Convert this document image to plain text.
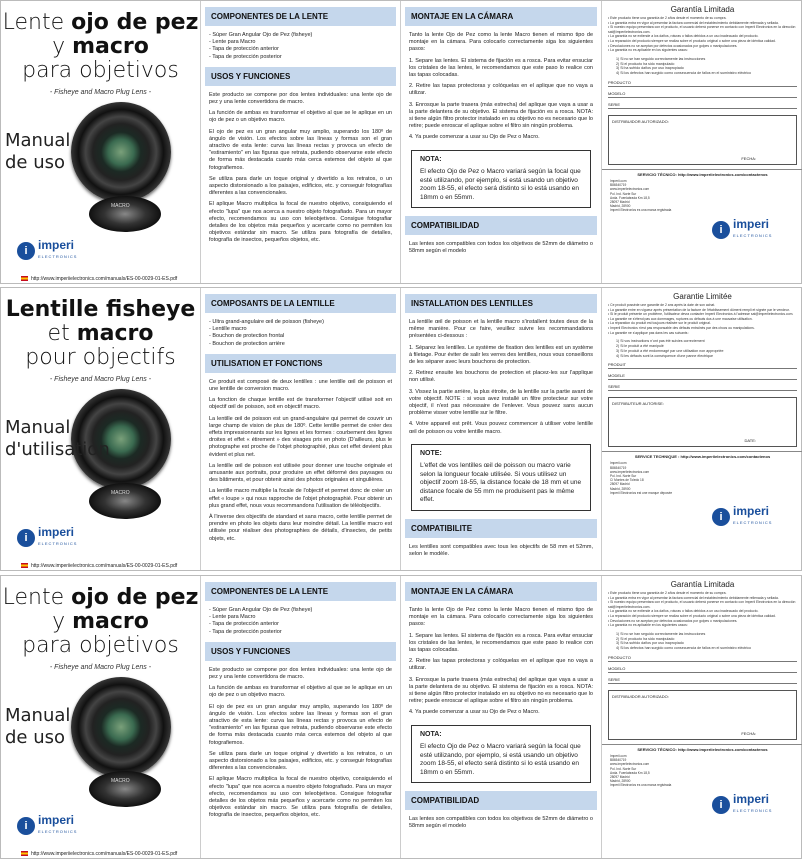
Lente ojo de pez
y macro
para objetivos
- Fisheye and Macro Plug Lens -
MACRO
Manual
de uso
i imperi
ELECTRONICS
http://www.imperiielectronics.com/manuals/ES-00-0029-01-ES.pdf
COMPONENTES DE LA LENTE
- Súper Gran Angular Ojo de Pez (fisheye)
- Lente para Macro
- Tapa de protección anterior
- Tapa de protección posterior
USOS Y FUNCIONES

Este producto se compone por dos lentes individuales: una lente ojo de pez y una lente convertidora de macro.

La función de ambas es transformar el objetivo al que se le aplique en un ojo de pez o un objetivo macro.

El ojo de pez es un gran angular muy amplio, superando los 180º de ángulo de visión. Los efectos sobre las líneas y formas son el gran atractivo de esta lente: curva las líneas rectas y provoca un efecto de "estiramiento" en las figuras que retrata, pudiendo observarse este efecto de forma más destacada cuanto más cerca estemos del objeto al que fotografiemos.

Se utiliza para darle un toque original y divertido a los retratos, o un aspecto distorsionado a los paisajes, edificios, etc. y conseguir fotografías diferentes a las convencionales.

El aplique Macro multiplica la focal de nuestro objetivo, consiguiendo el efecto "lupa" que nos acerca a nuestro objeto fotografiado. Para un mayor efecto, recomendamos su uso con teleobjetivos. Consigue fotografiar detalles de los objetos más pequeños y acercarte como no permiten los objetivos estándar sin macro. Se utiliza para fotografía de detalles, fotografía de insectos, pequeños objetos, etc.

MONTAJE EN LA CÁMARA

Tanto la lente Ojo de Pez como la lente Macro tienen el mismo tipo de montaje en la cámara. Para colocarlo correctamente siga los siguientes pasos:

1. Separe las lentes. El sistema de fijación es a rosca. Para evitar ensuciar los cristales de las lentes, le recomendamos que este paso lo realice con las tapas colocadas.

2. Retire las tapas protectoras y colóquelas en el aplique que no vaya a utilizar.

3. Enrosque la parte trasera (más estrecha) del aplique que vaya a usar a la parte delantera de su objetivo. El sistema de fijación es a rosca. NOTA: si tiene algún filtro protector instalado en su objetivo no es necesario que lo retire; puede enroscar el aplique sobre el filtro sin ningún problema.

4. Ya puede comenzar a usar su Ojo de Pez o Macro.

NOTA:
El efecto Ojo de Pez o Macro variará según la focal que esté utilizando, por ejemplo, si está usando un objetivo zoom 18-55, el efecto será distinto si lo está usando en 18mm o en 55mm.
COMPATIBILIDAD
Las lentes son compatibles con todos los objetivos de 52mm de diámetro o 58mm según el modelo
Garantía Limitada
• Este producto tiene una garantía de 2 años desde el momento de su compra.
• La garantía entra en vigor al presentar la factura comercial del establecimiento debidamente rellenada y sellada.
• Si nuestro equipo presentara con el producto, el usuario deberá ponerse en contacto con Imperii Electronics en la dirección sat@imperiielectronics.com.
• La garantía no se extiende a los daños, roturas o fallos debidos a un uso inadecuado del producto.
• La reparación del producto siempre se realiza sobre el producto original o sobre una pieza de idéntica calidad.
• Devoluciones no se aceptan por defectos ocasionados por golpes o manipulaciones.
• La garantía no es aplicable en los siguientes casos:
1) Si no se han seguido correctamente las instrucciones
2) Si el producto ha sido manipulado
3) Si ha sufrido daños por uso inapropiado
4) Si los defectos han surgido como consecuencia de fallos en el suministro eléctrico
PRODUCTO
MODELO
SERIE
DISTRIBUIDOR AUTORIZADO:
FECHA:
SERVICIO TÉCNICO: http://www.imperiielectronics.com/contactenos
Imperii.com
B86540719
www.imperiielectronics.com
Pol. Ind. Norte Sur
Avda. Fuenlabrada Km 18,5
28097 Madrid
Madrid, 28900
Imperii Electronics es una marca registrada
i imperi
ELECTRONICS
Lentille fisheye
et macro
pour objectifs
- Fisheye and Macro Plug Lens -
MACRO
Manual
d'utilisation
i imperi
ELECTRONICS
http://www.imperiielectronics.com/manuals/ES-00-0029-01-ES.pdf
COMPOSANTS DE LA LENTILLE
- Ultra grand-angulaire œil de poisson (fisheye)
- Lentille macro
- Bouchon de protection frontal
- Bouchon de protection arrière
UTILISATION ET FONCTIONS

Ce produit est composé de deux lentilles : une lentille œil de poisson et une lentille de conversion macro.

La fonction de chaque lentille est de transformer l'objectif utilisé soit en objectif œil de poisson, soit en objectif macro.

La lentille œil de poisson est un grand-angulaire qui permet de couvrir un large champ de vision de plus de 180º. Cette lentille permet de créer des effets impressionnants sur les lignes et les formes : courbement des lignes droites et effet « étirement » des visages pris en photo (D'ailleurs, plus le photographe est proche de l'objet photographié, plus cet effet devient plus évident et plus net.

La lentille œil de poisson est utilisée pour donner une touche originale et amusante aux portraits, pour produire un effet déformé des paysages ou des bâtiments, et pour obtenir ainsi des photos originales et singulières.

La lentille macro multiplie la focale de l'objectif et permet donc de créer un effet « loupe » qui nous rapproche de l'objet photographié. Pour obtenir un plus grand effet, nous vous recommandons l'utilisation de téléobjectifs.

À l'inverse des objectifs de standard et sans macro, cette lentille permet de prendre en photo les objets dans leur moindre détail. La lentille macro est utilisée pour réaliser des photographies de détails, d'insectes, de petits objets, etc.

INSTALLATION DES LENTILLES

La lentille œil de poisson et la lentille macro s'installent toutes deux de la même manière. Pour ce faire, veuillez suivre les recommandations présentées ci-dessous :

1. Séparez les lentilles. Le système de fixation des lentilles est un système à filetage. Pour éviter de salir les verres des lentilles, nous vous conseillons de les séparer avec leurs bouchons de protection.

2. Retirez ensuite les bouchons de protection et placez-les sur l'applique non utilisé.

3. Vissez la partie arrière, la plus étroite, de la lentille sur la partie avant de votre objectif. NOTE : si vous avez installé un filtre protecteur sur votre objectif, il n'est pas nécessaire de l'enlever. Vous pouvez sans aucun problème visser votre lentille sur le filtre.

4. Votre appareil est prêt. Vous pouvez commencer à utiliser votre lentille œil de poisson ou votre lentille macro.

NOTE:
L'effet de vos lentilles œil de poisson ou macro varie selon la longueur focale utilisée. Si vous utilisez un objectif zoom 18-55, la distance focale de 18 mm et une distance focale de 55 mm ne produisent pas le même effet.
COMPATIBILITE
Les lentilles sont compatibles avec tous les objectifs de 58 mm et 52mm, selon le modèle.
Garantie Limitée
• Ce produit possède une garantie de 2 ans après la date de son achat.
• La garantie entre en vigueur après présentation de la facture de l'établissement dûment rempli et signée par le vendeur.
• Si le produit présente un problème, l'utilisateur devra contacter Imperii Electronics à l'adresse sat@imperiielectronics.com.
• La garantie ne s'étend pas aux dommages, ruptures ou défauts dus à une mauvaise utilisation.
• La réparation du produit est toujours réalisée sur le produit original.
• Imperii Electronics n'est pas responsable des défauts entraînés par des chocs ou manipulations.
• La garantie ne s'applique pas dans les cas suivants :
1) Si vos instructions n'ont pas été suivies correctement
2) Si le produit a été manipulé
3) Si le produit a été endommagé par une utilisation non appropriée
4) Si les défauts sont la conséquence d'une panne électrique
PRODUIT
MODELE
SERIE
DISTRIBUTEUR AUTORISE:
DATE:
SERVICE TECHNIQUE : http://www.imperiielectronics.com/contactenos
Imperii.com
B86540719
www.imperiielectronics.com
Pol. Ind. Norte Sur
C/ Montes de Toledo 18
28097 Madrid
Madrid, 28900
Imperii Electronics est une marque déposée
i imperi
ELECTRONICS
Lente ojo de pez
y macro
para objetivos
- Fisheye and Macro Plug Lens -
MACRO
Manual
de uso
i imperi
ELECTRONICS
http://www.imperiielectronics.com/manuals/ES-00-0029-01-ES.pdf
COMPONENTES DE LA LENTE
- Súper Gran Angular Ojo de Pez (fisheye)
- Lente para Macro
- Tapa de protección anterior
- Tapa de protección posterior
USOS Y FUNCIONES

Este producto se compone por dos lentes individuales: una lente ojo de pez y una lente convertidora de macro.

La función de ambas es transformar el objetivo al que se le aplique en un ojo de pez o un objetivo macro.

El ojo de pez es un gran angular muy amplio, superando los 180º de ángulo de visión. Los efectos sobre las líneas y formas son el gran atractivo de esta lente: curva las líneas rectas y provoca un efecto de "estiramiento" en las figuras que retrata, pudiendo observarse este efecto de forma más destacada cuanto más cerca estemos del objeto al que fotografiemos.

Se utiliza para darle un toque original y divertido a los retratos, o un aspecto distorsionado a los paisajes, edificios, etc. y conseguir fotografías diferentes a las convencionales.

El aplique Macro multiplica la focal de nuestro objetivo, consiguiendo el efecto "lupa" que nos acerca a nuestro objeto fotografiado. Para un mayor efecto, recomendamos su uso con teleobjetivos. Consigue fotografiar detalles de los objetos más pequeños y acercarte como no permiten los objetivos estándar sin macro. Se utiliza para fotografía de detalles, fotografía de insectos, pequeños objetos, etc.

MONTAJE EN LA CÁMARA

Tanto la lente Ojo de Pez como la lente Macro tienen el mismo tipo de montaje en la cámara. Para colocarlo correctamente siga los siguientes pasos:

1. Separe las lentes. El sistema de fijación es a rosca. Para evitar ensuciar los cristales de las lentes, le recomendamos que este paso lo realice con las tapas colocadas.

2. Retire las tapas protectoras y colóquelas en el aplique que no vaya a utilizar.

3. Enrosque la parte trasera (más estrecha) del aplique que vaya a usar a la parte delantera de su objetivo. El sistema de fijación es a rosca. NOTA: si tiene algún filtro protector instalado en su objetivo no es necesario que lo retire; puede enroscar el aplique sobre el filtro sin ningún problema.

4. Ya puede comenzar a usar su Ojo de Pez o Macro.

NOTA:
El efecto Ojo de Pez o Macro variará según la focal que esté utilizando, por ejemplo, si está usando un objetivo zoom 18-55, el efecto será distinto si lo está usando en 18mm o en 55mm.
COMPATIBILIDAD
Las lentes son compatibles con todos los objetivos de 52mm de diámetro o 58mm según el modelo
Garantía Limitada
• Este producto tiene una garantía de 2 años desde el momento de su compra.
• La garantía entra en vigor al presentar la factura comercial del establecimiento debidamente rellenada y sellada.
• Si nuestro equipo presentara con el producto, el usuario deberá ponerse en contacto con Imperii Electronics en la dirección sat@imperiielectronics.com.
• La garantía no se extiende a los daños, roturas o fallos debidos a un uso inadecuado del producto.
• La reparación del producto siempre se realiza sobre el producto original o sobre una pieza de idéntica calidad.
• Devoluciones no se aceptan por defectos ocasionados por golpes o manipulaciones.
• La garantía no es aplicable en los siguientes casos:
1) Si no se han seguido correctamente las instrucciones
2) Si el producto ha sido manipulado
3) Si ha sufrido daños por uso inapropiado
4) Si los defectos han surgido como consecuencia de fallos en el suministro eléctrico
PRODUCTO
MODELO
SERIE
DISTRIBUIDOR AUTORIZADO:
FECHA:
SERVICIO TÉCNICO: http://www.imperiielectronics.com/contactenos
Imperii.com
B86540719
www.imperiielectronics.com
Pol. Ind. Norte Sur
Avda. Fuenlabrada Km 18,5
28097 Madrid
Madrid, 28900
Imperii Electronics es una marca registrada
i imperi
ELECTRONICS
